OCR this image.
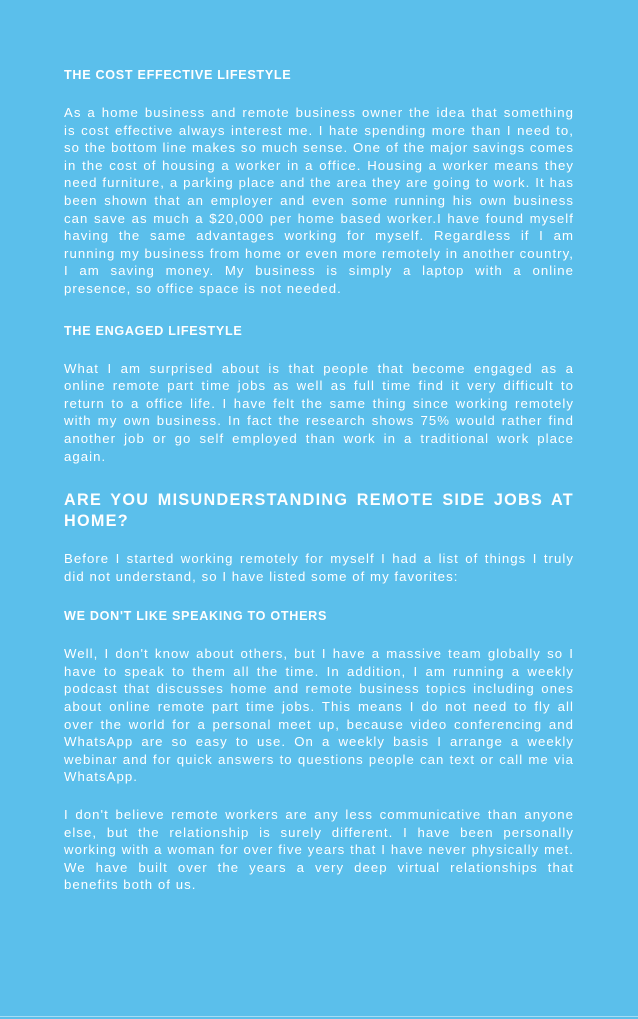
THE COST EFFECTIVE LIFESTYLE

As a home business and remote business owner the idea that something is cost effective always interest me. I hate spending more than I need to, so the bottom line makes so much sense. One of the major savings comes in the cost of housing a worker in a office. Housing a worker means they need furniture, a parking place and the area they are going to work. It has been shown that an employer and even some running his own business can save as much a $20,000 per home based worker.I have found myself having the same advantages working for myself. Regardless if I am running my business from home or even more remotely in another country, I am saving money. My business is simply a laptop with a online presence, so office space is not needed.

THE ENGAGED LIFESTYLE

What I am surprised about is that people that become engaged as a online remote part time jobs as well as full time find it very difficult to return to a office life. I have felt the same thing since working remotely with my own business. In fact the research shows 75% would rather find another job or go self employed than work in a traditional work place again.

ARE YOU MISUNDERSTANDING REMOTE SIDE JOBS AT HOME?

Before I started working remotely for myself I had a list of things I truly did not understand, so I have listed some of my favorites:

WE DON'T LIKE SPEAKING TO OTHERS

Well, I don't know about others, but I have a massive team globally so I have to speak to them all the time. In addition, I am running a weekly podcast that discusses home and remote business topics including ones about online remote part time jobs. This means I do not need to fly all over the world for a personal meet up, because video conferencing and WhatsApp are so easy to use. On a weekly basis I arrange a weekly webinar and for quick answers to questions people can text or call me via WhatsApp.

I don't believe remote workers are any less communicative than anyone else, but the relationship is surely different. I have been personally working with a woman for over five years that I have never physically met. We have built over the years a very deep virtual relationships that benefits both of us.
